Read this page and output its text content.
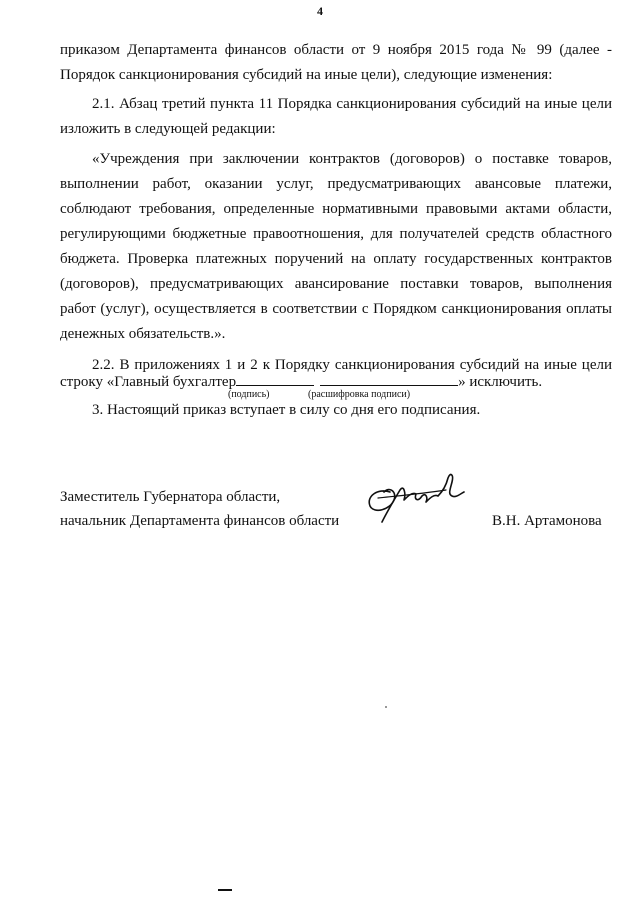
4

приказом Департамента финансов области от 9 ноября 2015 года № 99 (далее -

Порядок санкционирования субсидий на иные цели), следующие изменения:

2.1. Абзац третий пункта 11 Порядка санкционирования субсидий на иные цели

изложить в следующей редакции:

«Учреждения при заключении контрактов (договоров) о поставке товаров,

выполнении работ, оказании услуг, предусматривающих авансовые платежи,

соблюдают требования, определенные нормативными правовыми актами области,

регулирующими бюджетные правоотношения, для получателей средств областного

бюджета. Проверка платежных поручений на оплату государственных контрактов

(договоров), предусматривающих авансирование поставки товаров, выполнения

работ (услуг), осуществляется в соответствии с Порядком санкционирования оплаты

денежных обязательств.».

2.2. В приложениях 1 и 2 к Порядку санкционирования субсидий на иные цели

строку «Главный бухгалтер	» исключить.

(подпись)	(расшифровка подписи)

3. Настоящий приказ вступает в силу со дня его подписания.

Заместитель Губернатора области,
начальник Департамента финансов области	В.Н. Артамонова
